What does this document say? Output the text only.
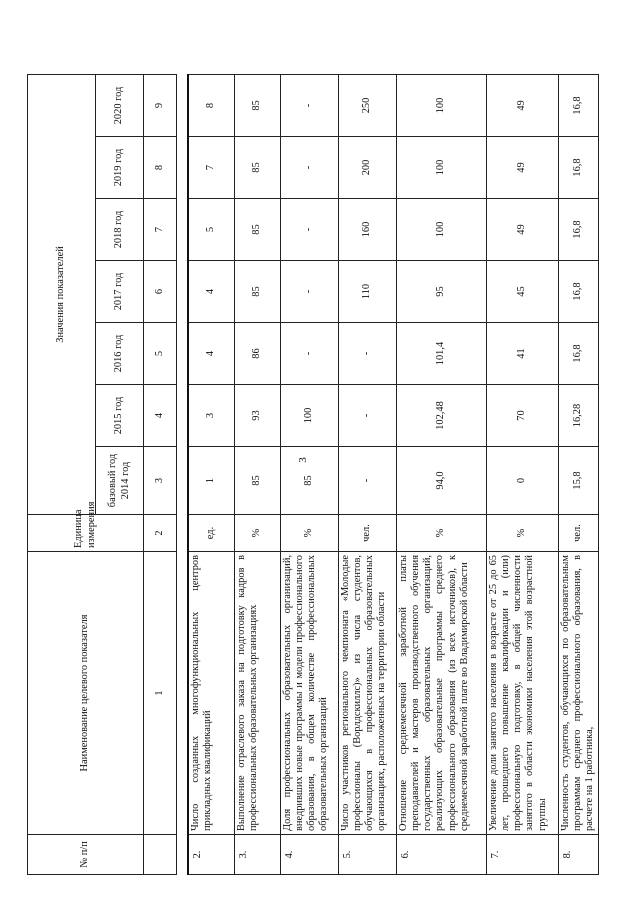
3
№ п/п	Наименование целевого показателя	Единица измерения	Значения показателей						
			базовый год 2014 год	2015 год	2016 год	2017 год	2018 год	2019 год	2020 год
	1	2	3	4	5	6	7	8	9

2.	Число созданных многофункциональных центров прикладных квалификаций	ед.	1	3	4	4	5	7	8
3.	Выполнение отраслевого заказа на подготовку кадров в профессиональных образовательных организациях	%	85	93	86	85	85	85	85
4.	Доля профессиональных образовательных организаций, внедривших новые программы и модели профессионального образования, в общем количестве профессиональных образовательных организаций	%	85	100	-	-	-	-	-
5.	Число участников регионального чемпионата «Молодые профессионалы (Ворлдскиллс)» из числа студентов, обучающихся в профессиональных образовательных организациях, расположенных на территории области	чел.	-	-	-	110	160	200	250
6.	Отношение среднемесячной заработной платы преподавателей и мастеров производственного обучения государственных образовательных организаций, реализующих образовательные программы среднего профессионального образования (из всех источников), к среднемесячной заработной плате во Владимирской области	%	94,0	102,48	101,4	95	100	100	100
7.	Увеличение доли занятого населения в возрасте от 25 до 65 лет, прошедшего повышение квалификации и (или) профессиональную подготовку, в общей численности занятого в области экономики населения этой возрастной группы	%	0	70	41	45	49	49	49
8.	Численность студентов, обучающихся по образовательным программам среднего профессионального образования, в расчете на 1 работника,	чел.	15,8	16,28	16,8	16,8	16,8	16,8	16,8
